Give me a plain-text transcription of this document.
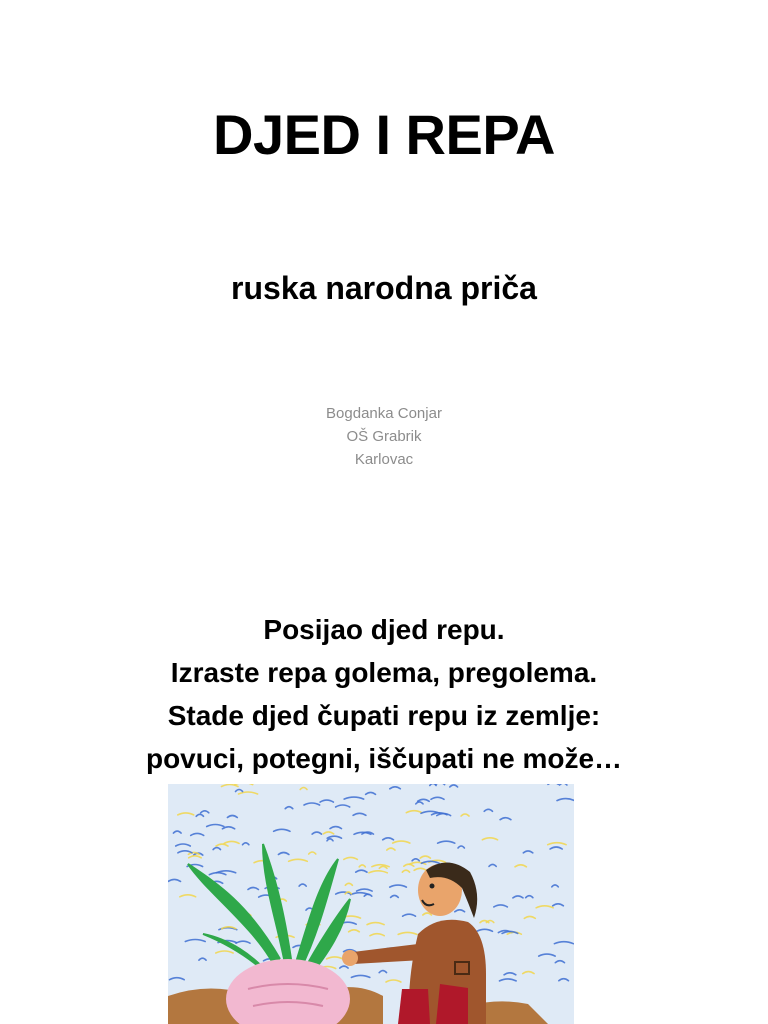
DJED I REPA
ruska narodna priča
Bogdanka Conjar
OŠ Grabrik
Karlovac
Posijao djed repu.
Izraste repa golema, pregolema.
Stade djed čupati repu iz zemlje:
povuci, potegni, iščupati ne može…
